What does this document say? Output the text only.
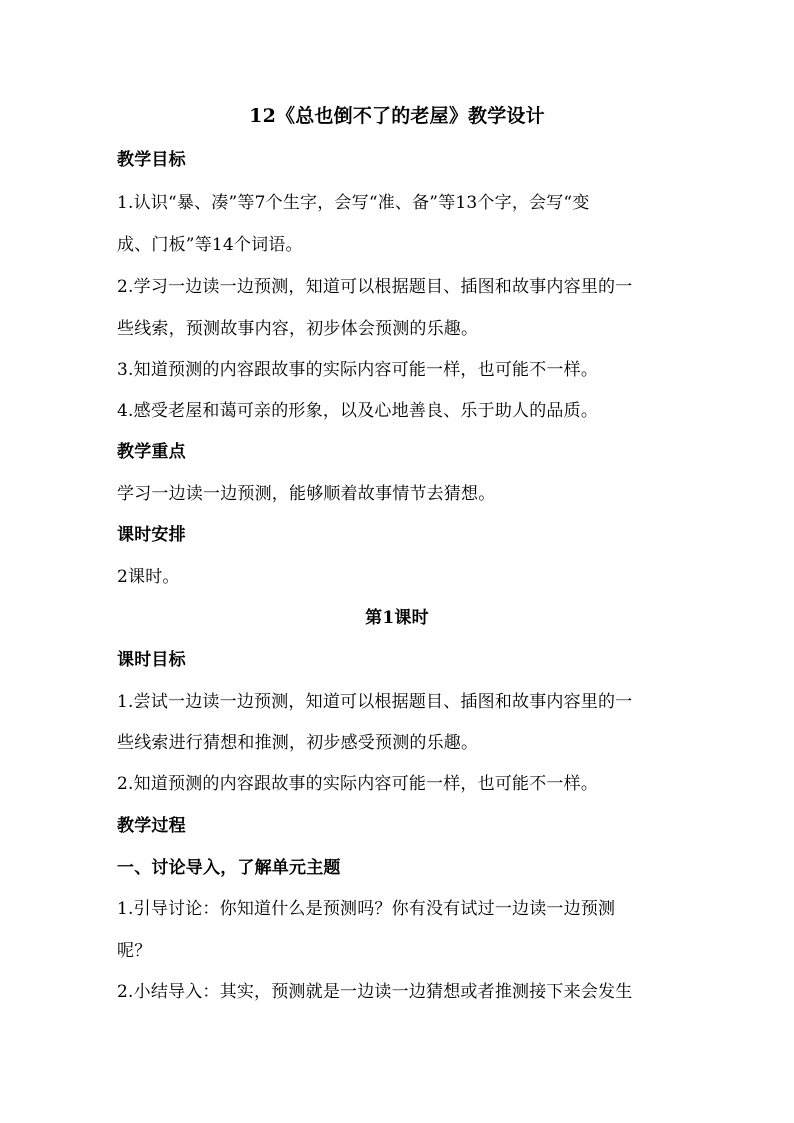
12《总也倒不了的老屋》教学设计
教学目标
1.认识“暴、凑”等7个生字，会写“准、备”等13个字，会写“变
成、门板”等14个词语。
2.学习一边读一边预测，知道可以根据题目、插图和故事内容里的一
些线索，预测故事内容，初步体会预测的乐趣。
3.知道预测的内容跟故事的实际内容可能一样，也可能不一样。
4.感受老屋和蔼可亲的形象，以及心地善良、乐于助人的品质。
教学重点
学习一边读一边预测，能够顺着故事情节去猜想。
课时安排
2课时。
第1课时
课时目标
1.尝试一边读一边预测，知道可以根据题目、插图和故事内容里的一
些线索进行猜想和推测，初步感受预测的乐趣。
2.知道预测的内容跟故事的实际内容可能一样，也可能不一样。
教学过程
一、讨论导入，了解单元主题
1.引导讨论：你知道什么是预测吗？你有没有试过一边读一边预测
呢？
2.小结导入：其实，预测就是一边读一边猜想或者推测接下来会发生
